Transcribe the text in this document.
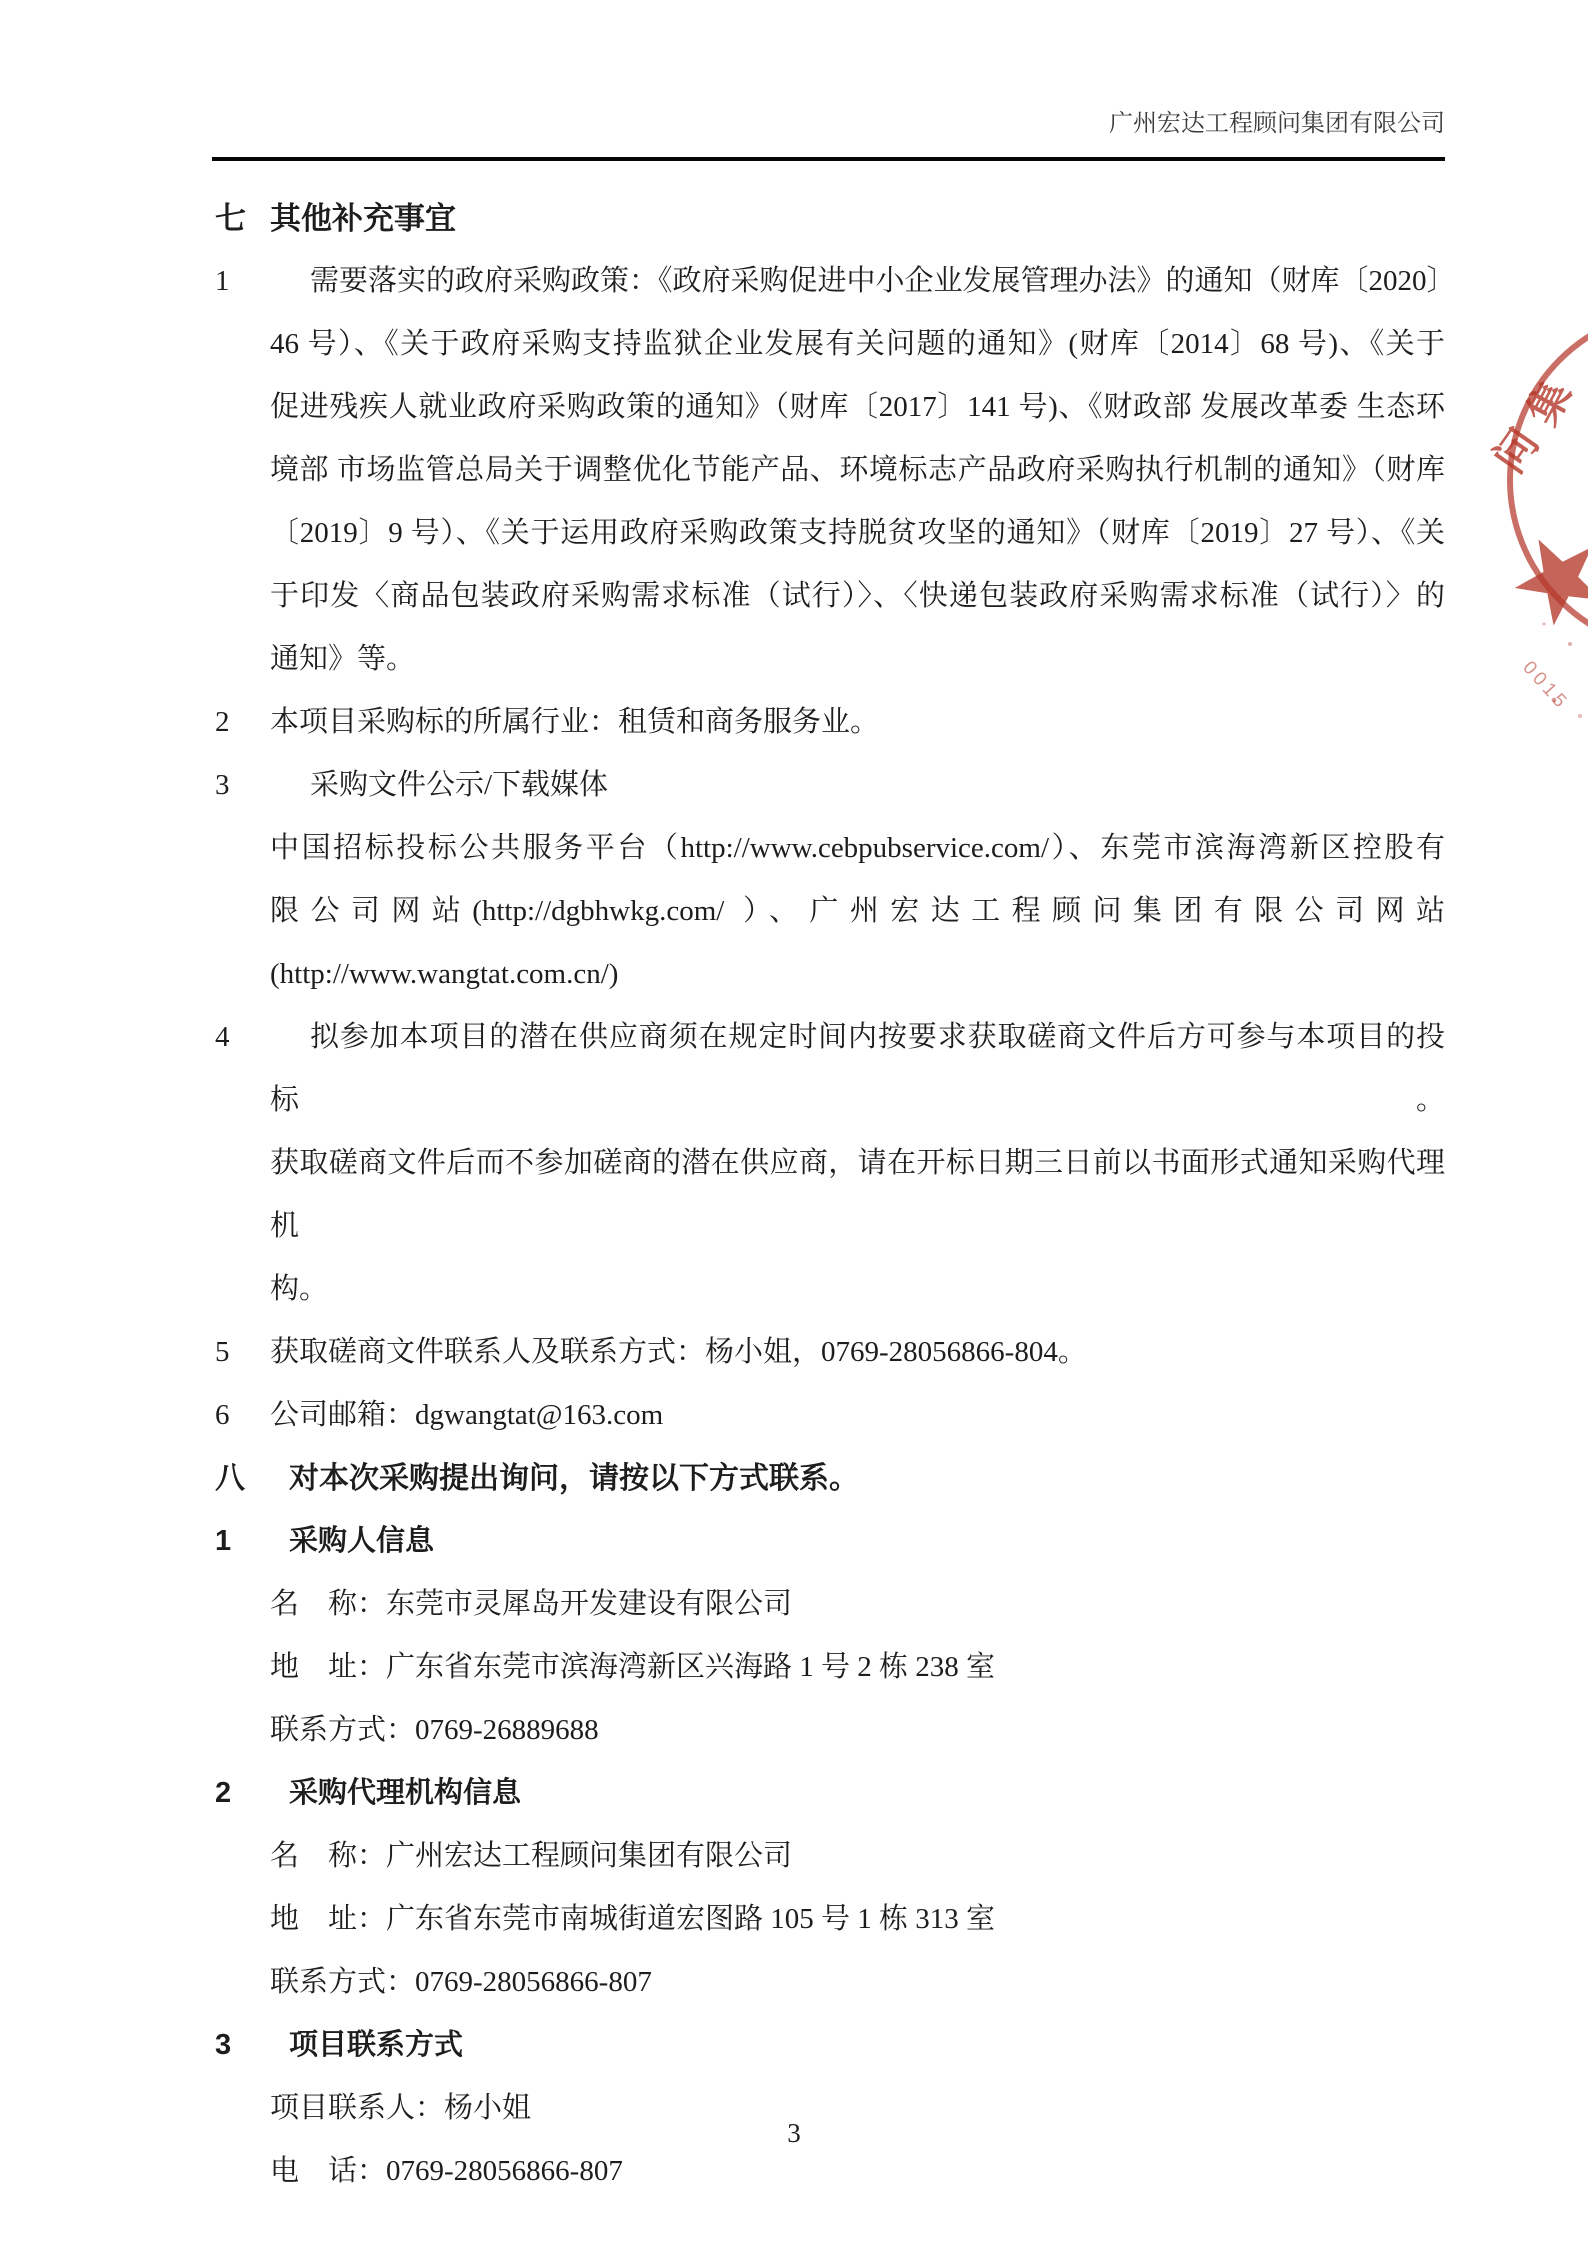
广州宏达工程顾问集团有限公司
七 其他补充事宜
1	需要落实的政府采购政策：《政府采购促进中小企业发展管理办法》的通知（财库〔2020〕
46 号）、《关于政府采购支持监狱企业发展有关问题的通知》(财库〔2014〕68 号)、《关于
促进残疾人就业政府采购政策的通知》（财库〔2017〕141 号)、《财政部 发展改革委 生态环
境部 市场监管总局关于调整优化节能产品、环境标志产品政府采购执行机制的通知》（财库
〔2019〕9 号）、《关于运用政府采购政策支持脱贫攻坚的通知》（财库〔2019〕27 号）、《关
于印发〈商品包装政府采购需求标准（试行）〉、〈快递包装政府采购需求标准（试行）〉的
通知》等。
2	本项目采购标的所属行业：租赁和商务服务业。
3	采购文件公示/下载媒体
中国招标投标公共服务平台（http://www.cebpubservice.com/）、东莞市滨海湾新区控股有
限公司网站(http://dgbhwkg.com/ ）、广州宏达工程顾问集团有限公司网站
(http://www.wangtat.com.cn/)
4	拟参加本项目的潜在供应商须在规定时间内按要求获取磋商文件后方可参与本项目的投标。
获取磋商文件后而不参加磋商的潜在供应商，请在开标日期三日前以书面形式通知采购代理机
构。
5	获取磋商文件联系人及联系方式：杨小姐，0769-28056866-804。
6	公司邮箱：dgwangtat@163.com
八	对本次采购提出询问，请按以下方式联系。
1	采购人信息
名　称：东莞市灵犀岛开发建设有限公司
地　址：广东省东莞市滨海湾新区兴海路 1 号 2 栋 238 室
联系方式：0769-26889688
2	采购代理机构信息
名　称：广州宏达工程顾问集团有限公司
地　址：广东省东莞市南城街道宏图路 105 号 1 栋 313 室
联系方式：0769-28056866-807
3	项目联系方式
项目联系人：杨小姐
电　话：0769-28056866-807
问
集
0015
3
